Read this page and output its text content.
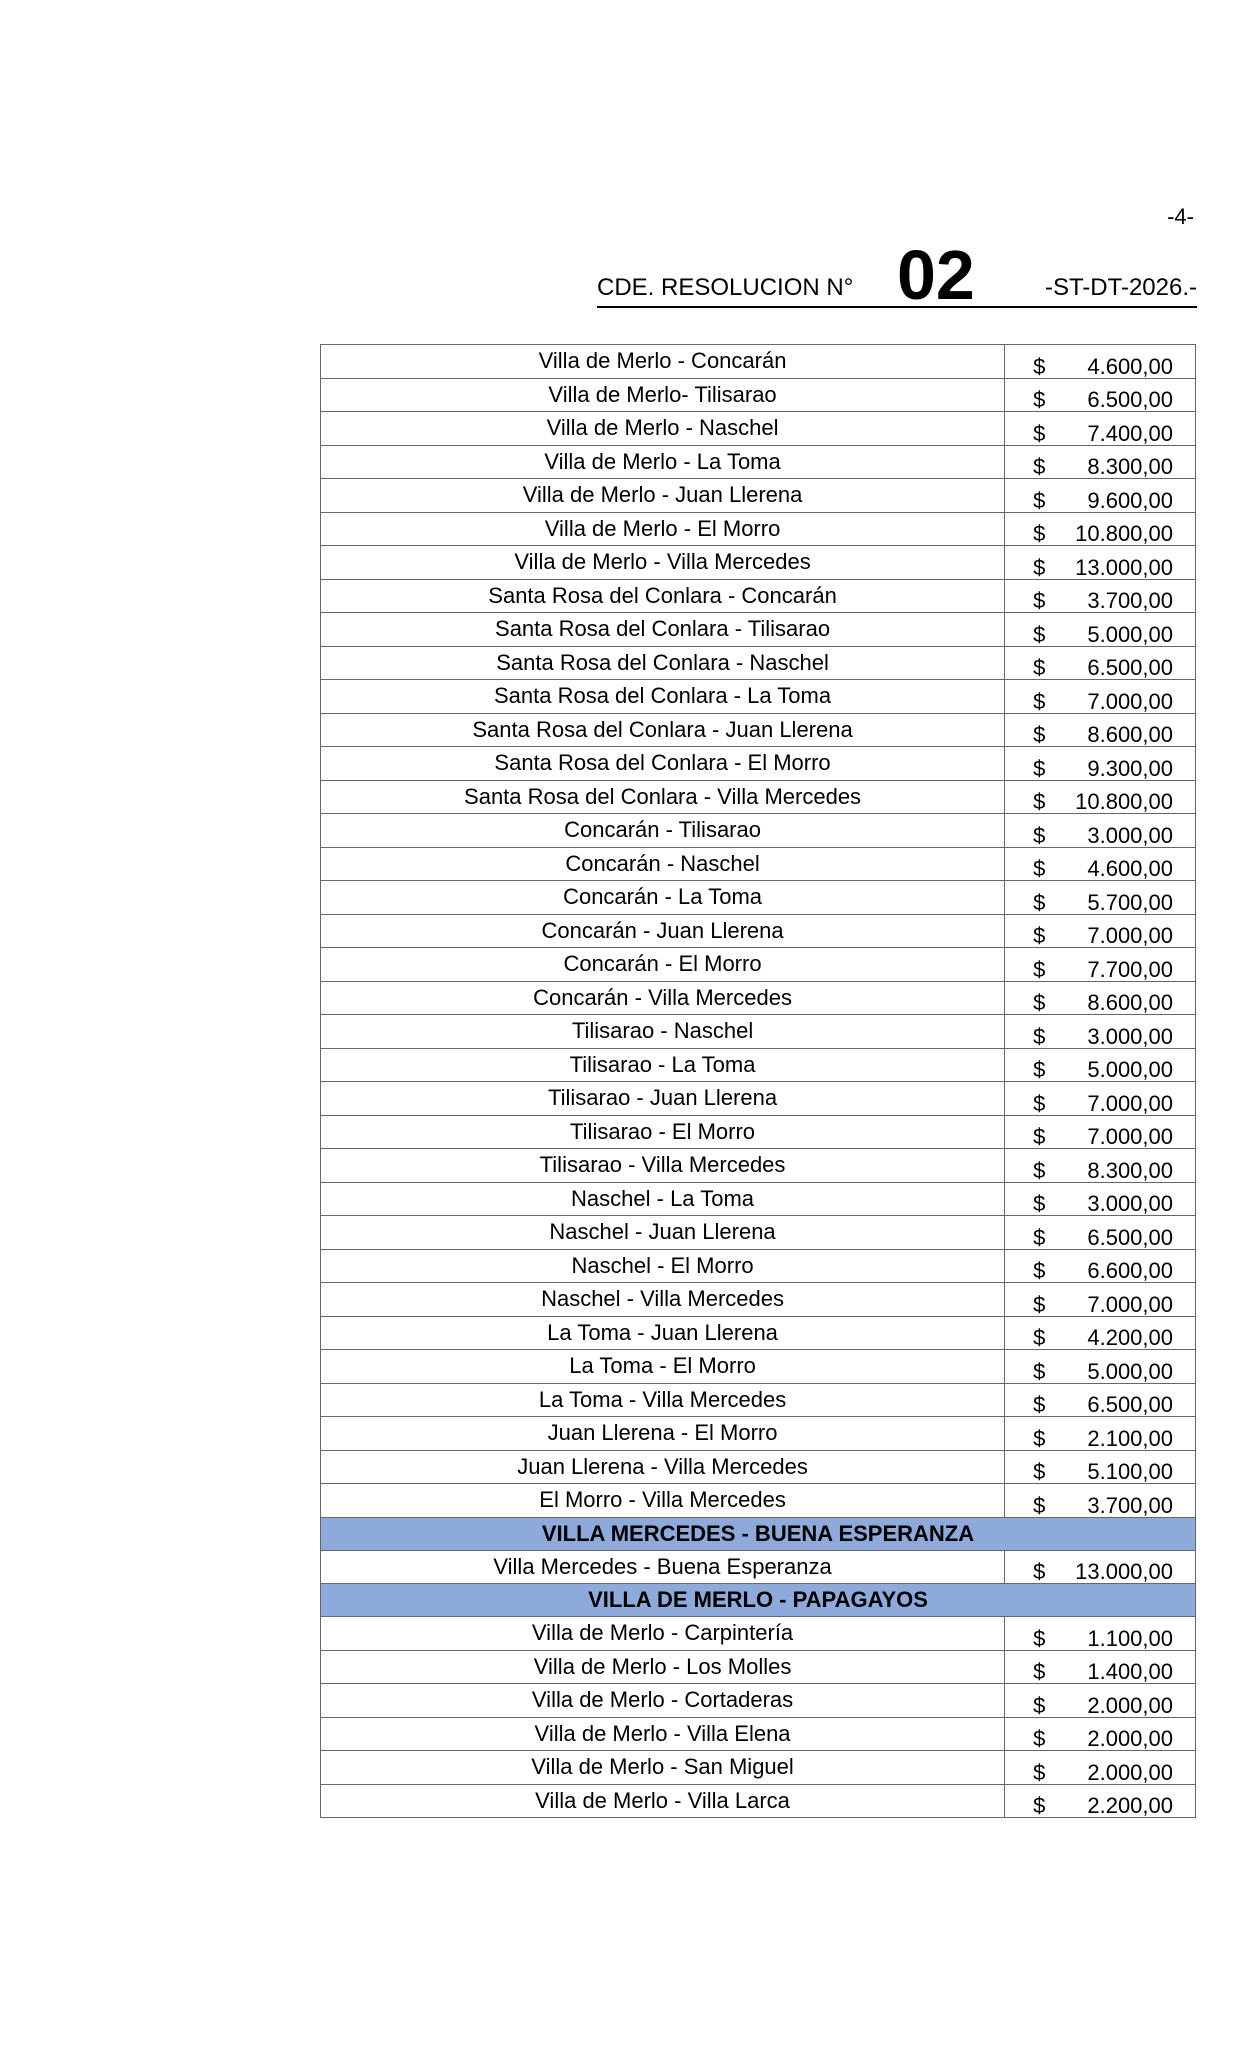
-4-
CDE. RESOLUCION N° 02	-ST-DT-2026.-
Villa de Merlo - Concarán	$ 4.600,00

Villa de Merlo- Tilisarao	$ 6.500,00

Villa de Merlo - Naschel	$ 7.400,00

Villa de Merlo - La Toma	$ 8.300,00

Villa de Merlo - Juan Llerena	$ 9.600,00

Villa de Merlo - El Morro	$ 10.800,00

Villa de Merlo - Villa Mercedes	$ 13.000,00

Santa Rosa del Conlara - Concarán	$ 3.700,00

Santa Rosa del Conlara - Tilisarao	$ 5.000,00

Santa Rosa del Conlara - Naschel	$ 6.500,00

Santa Rosa del Conlara - La Toma	$ 7.000,00

Santa Rosa del Conlara - Juan Llerena	$ 8.600,00

Santa Rosa del Conlara - El Morro	$ 9.300,00

Santa Rosa del Conlara - Villa Mercedes	$ 10.800,00

Concarán - Tilisarao	$ 3.000,00

Concarán - Naschel	$ 4.600,00

Concarán - La Toma	$ 5.700,00

Concarán - Juan Llerena	$ 7.000,00

Concarán - El Morro	$ 7.700,00

Concarán - Villa Mercedes	$ 8.600,00

Tilisarao - Naschel	$ 3.000,00

Tilisarao - La Toma	$ 5.000,00

Tilisarao - Juan Llerena	$ 7.000,00

Tilisarao - El Morro	$ 7.000,00

Tilisarao - Villa Mercedes	$ 8.300,00

Naschel - La Toma	$ 3.000,00

Naschel - Juan Llerena	$ 6.500,00

Naschel - El Morro	$ 6.600,00

Naschel - Villa Mercedes	$ 7.000,00

La Toma - Juan Llerena	$ 4.200,00

La Toma - El Morro	$ 5.000,00

La Toma - Villa Mercedes	$ 6.500,00

Juan Llerena - El Morro	$ 2.100,00

Juan Llerena - Villa Mercedes	$ 5.100,00

El Morro - Villa Mercedes	$ 3.700,00

VILLA MERCEDES - BUENA ESPERANZA	
Villa Mercedes - Buena Esperanza	$ 13.000,00

VILLA DE MERLO - PAPAGAYOS	
Villa de Merlo - Carpintería	$ 1.100,00

Villa de Merlo - Los Molles	$ 1.400,00

Villa de Merlo - Cortaderas	$ 2.000,00

Villa de Merlo - Villa Elena	$ 2.000,00

Villa de Merlo - San Miguel	$ 2.000,00

Villa de Merlo - Villa Larca	$ 2.200,00
